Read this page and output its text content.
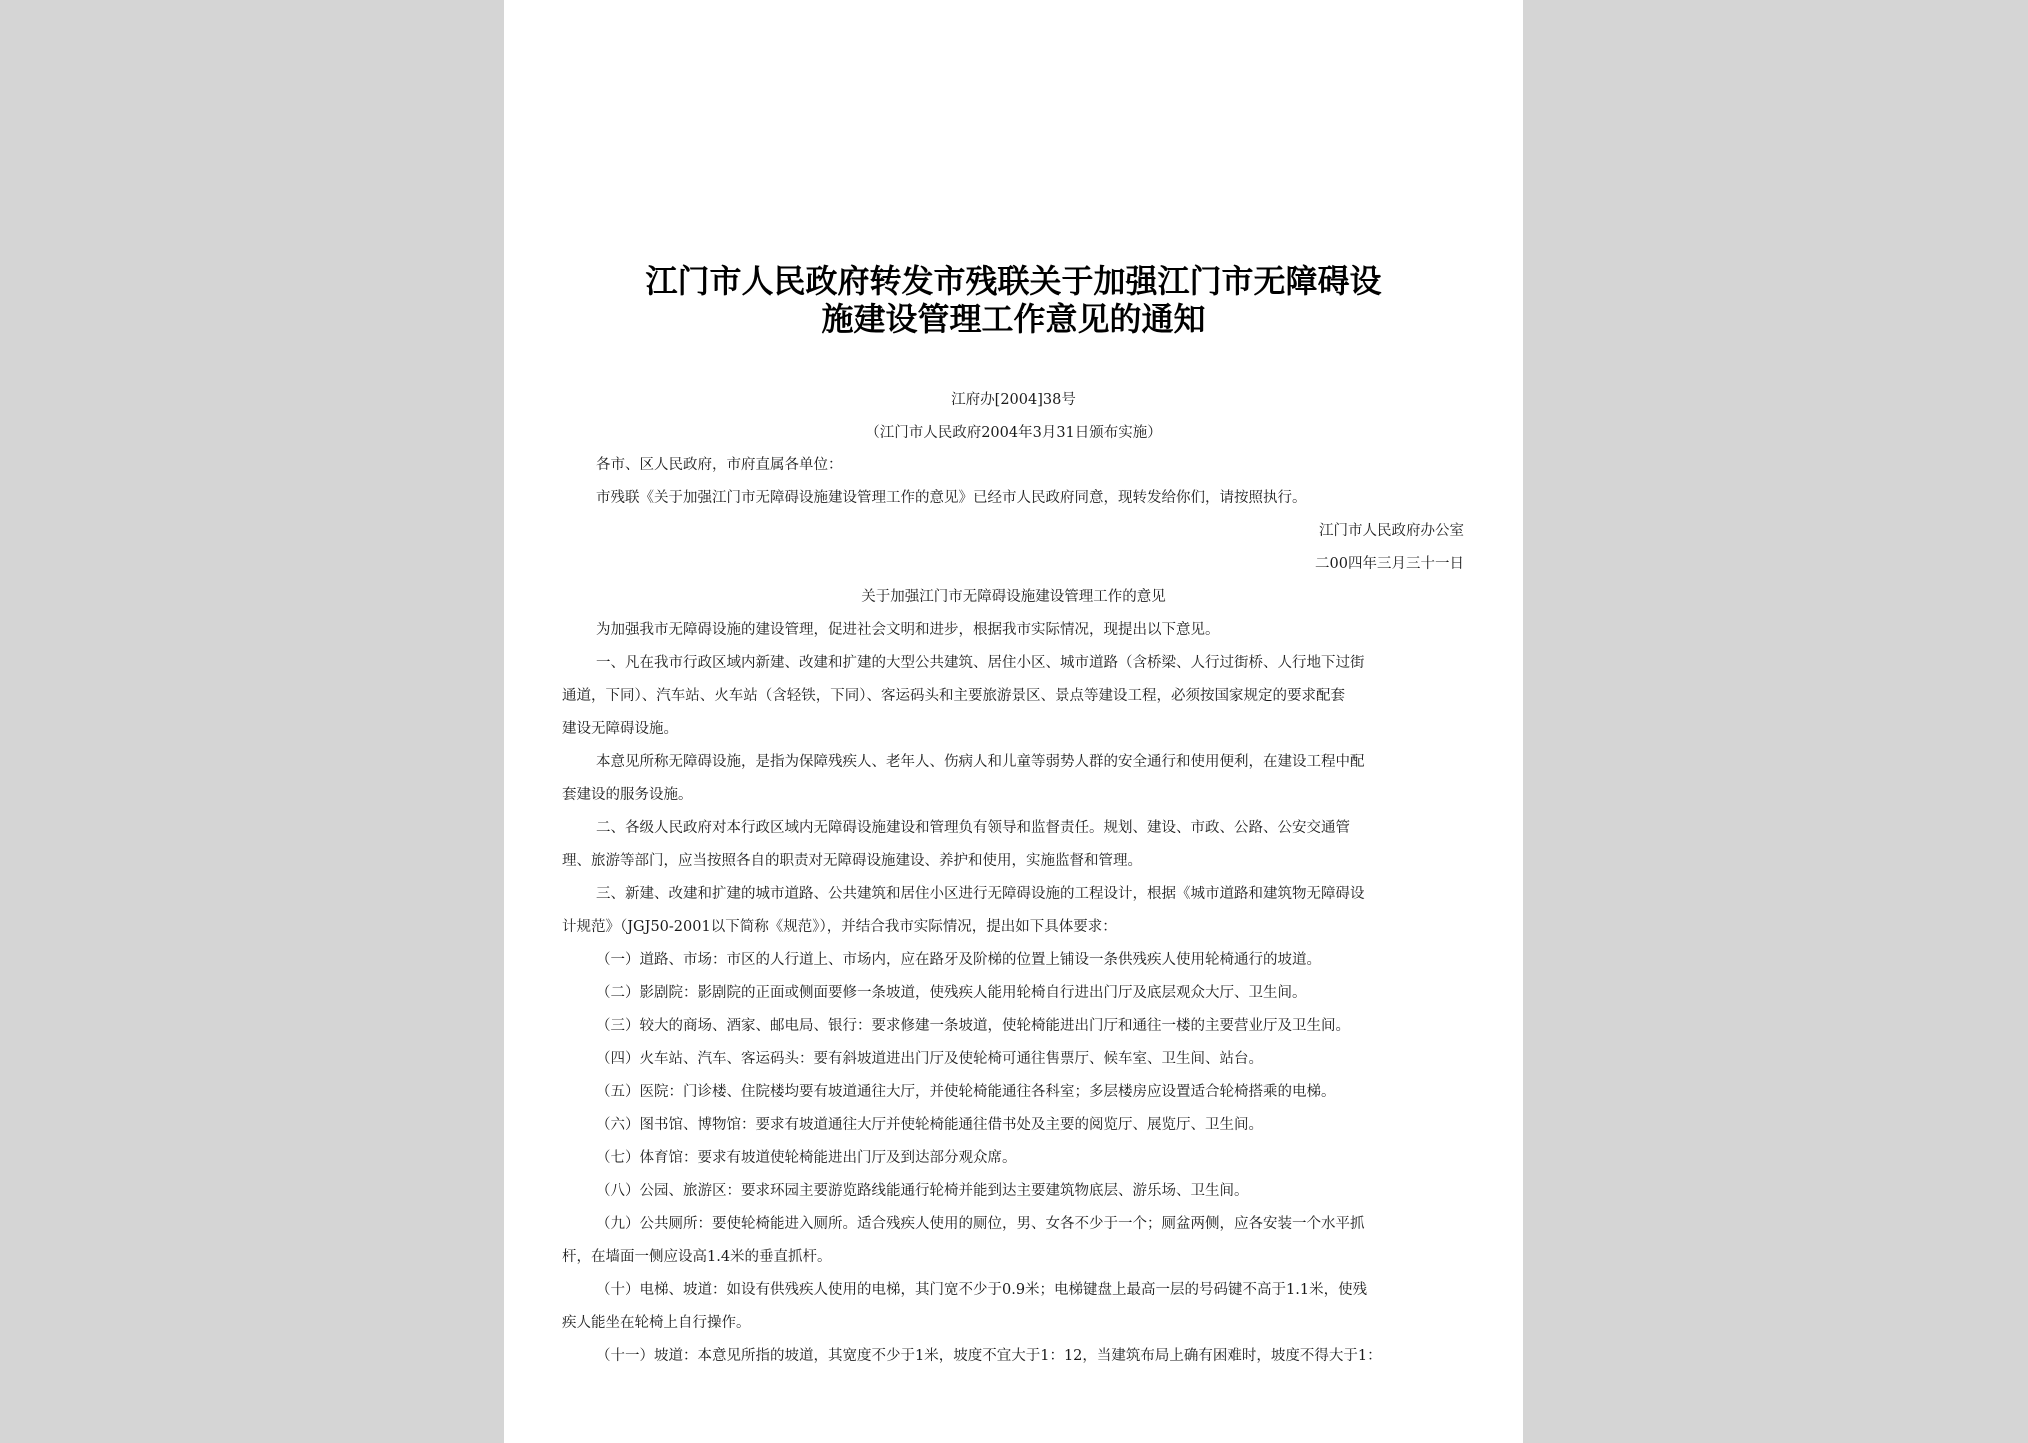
江门市人民政府转发市残联关于加强江门市无障碍设
施建设管理工作意见的通知
江府办[2004]38号
（江门市人民政府2004年3月31日颁布实施）
各市、区人民政府，市府直属各单位：
市残联《关于加强江门市无障碍设施建设管理工作的意见》已经市人民政府同意，现转发给你们，请按照执行。
江门市人民政府办公室
二00四年三月三十一日
关于加强江门市无障碍设施建设管理工作的意见
为加强我市无障碍设施的建设管理，促进社会文明和进步，根据我市实际情况，现提出以下意见。
一、凡在我市行政区域内新建、改建和扩建的大型公共建筑、居住小区、城市道路（含桥梁、人行过街桥、人行地下过街
通道，下同）、汽车站、火车站（含轻铁，下同）、客运码头和主要旅游景区、景点等建设工程，必须按国家规定的要求配套
建设无障碍设施。
本意见所称无障碍设施，是指为保障残疾人、老年人、伤病人和儿童等弱势人群的安全通行和使用便利，在建设工程中配
套建设的服务设施。
二、各级人民政府对本行政区域内无障碍设施建设和管理负有领导和监督责任。规划、建设、市政、公路、公安交通管
理、旅游等部门，应当按照各自的职责对无障碍设施建设、养护和使用，实施监督和管理。
三、新建、改建和扩建的城市道路、公共建筑和居住小区进行无障碍设施的工程设计，根据《城市道路和建筑物无障碍设
计规范》（JGJ50-2001以下简称《规范》），并结合我市实际情况，提出如下具体要求：
（一）道路、市场：市区的人行道上、市场内，应在路牙及阶梯的位置上铺设一条供残疾人使用轮椅通行的坡道。
（二）影剧院：影剧院的正面或侧面要修一条坡道，使残疾人能用轮椅自行进出门厅及底层观众大厅、卫生间。
（三）较大的商场、酒家、邮电局、银行：要求修建一条坡道，使轮椅能进出门厅和通往一楼的主要营业厅及卫生间。
（四）火车站、汽车、客运码头：要有斜坡道进出门厅及使轮椅可通往售票厅、候车室、卫生间、站台。
（五）医院：门诊楼、住院楼均要有坡道通往大厅，并使轮椅能通往各科室；多层楼房应设置适合轮椅搭乘的电梯。
（六）图书馆、博物馆：要求有坡道通往大厅并使轮椅能通往借书处及主要的阅览厅、展览厅、卫生间。
（七）体育馆：要求有坡道使轮椅能进出门厅及到达部分观众席。
（八）公园、旅游区：要求环园主要游览路线能通行轮椅并能到达主要建筑物底层、游乐场、卫生间。
（九）公共厕所：要使轮椅能进入厕所。适合残疾人使用的厕位，男、女各不少于一个；厕盆两侧，应各安装一个水平抓
杆，在墙面一侧应设高1.4米的垂直抓杆。
（十）电梯、坡道：如设有供残疾人使用的电梯，其门宽不少于0.9米；电梯键盘上最高一层的号码键不高于1.1米，使残
疾人能坐在轮椅上自行操作。
（十一）坡道：本意见所指的坡道，其宽度不少于1米，坡度不宜大于1：12，当建筑布局上确有困难时，坡度不得大于1：
